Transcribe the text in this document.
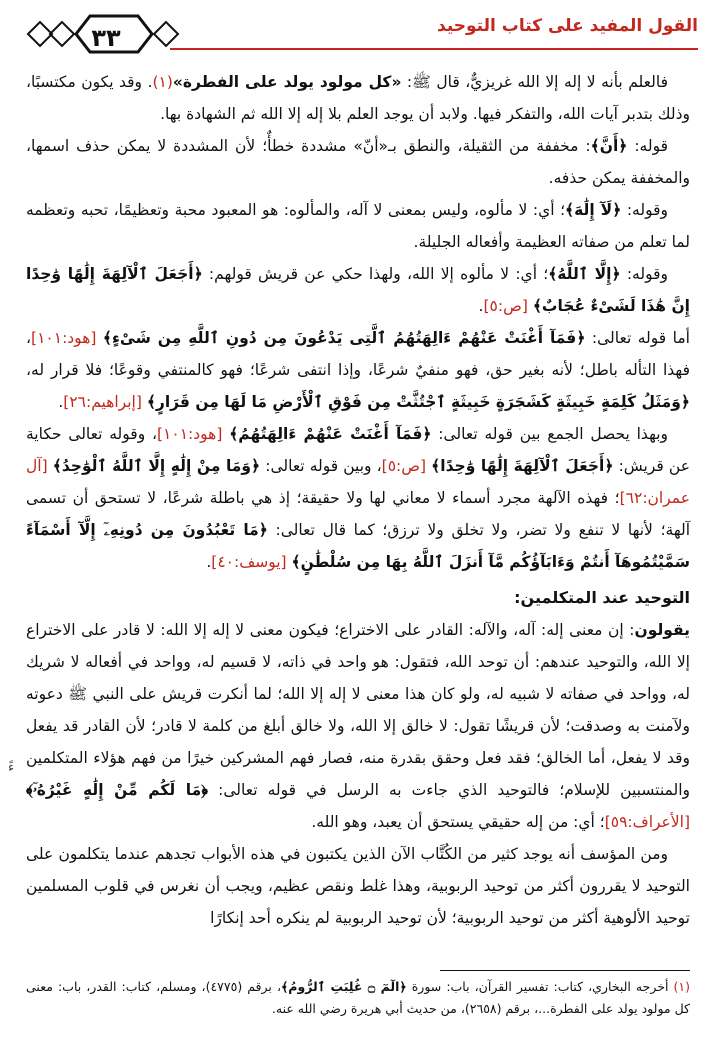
٣٣	القول المفيد على كتاب التوحيد

فالعلم بأنه لا إله إلا الله غريزيٌّ، قال ﷺ: «كل مولود يولد على الفطرة»(١). وقد يكون مكتسبًا، وذلك بتدبر آيات الله، والتفكر فيها. ولابد أن يوجد العلم بلا إله إلا الله ثم الشهادة بها.

قوله: ﴿أَنَّ﴾: مخففة من الثقيلة، والنطق بـ«أنّ» مشددة خطأٌ؛ لأن المشددة لا يمكن حذف اسمها، والمخففة يمكن حذفه.

وقوله: ﴿لَآ إِلَٰهَ﴾؛ أي: لا مألوه، وليس بمعنى لا آله، والمألوه: هو المعبود محبة وتعظيمًا، تحبه وتعظمه لما تعلم من صفاته العظيمة وأفعاله الجليلة.

وقوله: ﴿إِلَّا ٱللَّهُ﴾؛ أي: لا مألوه إلا الله، ولهذا حكي عن قريش قولهم: ﴿أَجَعَلَ ٱلْآلِهَةَ إِلَٰهًا وَٰحِدًا إِنَّ هَٰذَا لَشَىْءٌ عُجَابٌ﴾ [ص:٥].

أما قوله تعالى: ﴿فَمَآ أَغْنَتْ عَنْهُمْ ءَالِهَتُهُمُ ٱلَّتِى يَدْعُونَ مِن دُونِ ٱللَّهِ مِن شَىْءٍ﴾ [هود:١٠١]، فهذا التأله باطل؛ لأنه بغير حق، فهو منفيٌ شرعًا، وإذا انتفى شرعًا؛ فهو كالمنتفي وقوعًا؛ فلا قرار له، ﴿وَمَثَلُ كَلِمَةٍ خَبِيثَةٍ كَشَجَرَةٍ خَبِيثَةٍ ٱجْتُثَّتْ مِن فَوْقِ ٱلْأَرْضِ مَا لَهَا مِن قَرَارٍ﴾ [إبراهيم:٢٦].

وبهذا يحصل الجمع بين قوله تعالى: ﴿فَمَآ أَغْنَتْ عَنْهُمْ ءَالِهَتُهُمُ﴾ [هود:١٠١]، وقوله تعالى حكاية عن قريش: ﴿أَجَعَلَ ٱلْآلِهَةَ إِلَٰهًا وَٰحِدًا﴾ [ص:٥]، وبين قوله تعالى: ﴿وَمَا مِنْ إِلَٰهٍ إِلَّا ٱللَّهُ ٱلْوَٰحِدُ﴾ [آل عمران:٦٢]؛ فهذه الآلهة مجرد أسماء لا معاني لها ولا حقيقة؛ إذ هي باطلة شرعًا، لا تستحق أن تسمى آلهة؛ لأنها لا تنفع ولا تضر، ولا تخلق ولا ترزق؛ كما قال تعالى: ﴿مَا تَعْبُدُونَ مِن دُونِهِۦٓ إِلَّآ أَسْمَآءً سَمَّيْتُمُوهَآ أَنتُمْ وَءَابَآؤُكُم مَّآ أَنزَلَ ٱللَّهُ بِهَا مِن سُلْطَٰنٍ﴾ [يوسف:٤٠].

التوحيد عند المتكلمين:

يقولون: إن معنى إله: آله، والآله: القادر على الاختراع؛ فيكون معنى لا إله إلا الله: لا قادر على الاختراع إلا الله، والتوحيد عندهم: أن توحد الله، فتقول: هو واحد في ذاته، لا قسيم له، وواحد في أفعاله لا شريك له، وواحد في صفاته لا شبيه له، ولو كان هذا معنى لا إله إلا الله؛ لما أنكرت قريش على النبي ﷺ دعوته ولآمنت به وصدقت؛ لأن قريشًا تقول: لا خالق إلا الله، ولا خالق أبلغ من كلمة لا قادر؛ لأن القادر قد يفعل وقد لا يفعل، أما الخالق؛ فقد فعل وحقق بقدرة منه، فصار فهم المشركين خيرًا من فهم هؤلاء المتكلمين والمنتسبين للإسلام؛ فالتوحيد الذي جاءت به الرسل في قوله تعالى: ﴿مَا لَكُم مِّنْ إِلَٰهٍ غَيْرُهُۥٓ﴾ [الأعراف:٥٩]؛ أي: من إله حقيقي يستحق أن يعبد، وهو الله.

ومن المؤسف أنه يوجد كثير من الكُتَّاب الآن الذين يكتبون في هذه الأبواب تجدهم عندما يتكلمون على التوحيد لا يقررون أكثر من توحيد الربوبية، وهذا غلط ونقص عظيم، ويجب أن نغرس في قلوب المسلمين توحيد الألوهية أكثر من توحيد الربوبية؛ لأن توحيد الربوبية لم ينكره أحد إنكارًا

ءً

(١) أخرجه البخاري، كتاب: تفسير القرآن، باب: سورة ﴿الٓمٓ ۝ غُلِبَتِ ٱلرُّومُ﴾، برقم (٤٧٧٥)، ومسلم، كتاب: القدر، باب: معنى كل مولود يولد على الفطرة...، برقم (٢٦٥٨)، من حديث أبي هريرة رضي الله عنه.
